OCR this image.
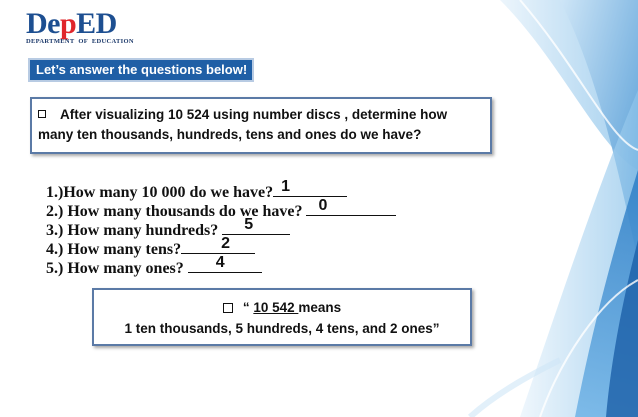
DepED
DEPARTMENT OF EDUCATION
Let’s answer the questions below!
After visualizing 10 524 using number discs , determine how many ten thousands, hundreds, tens and ones do we have?
1.)How many 10 000 do we have? 1
2.) How many thousands do we have? 0
3.) How many hundreds? 5
4.) How many tens?	2
5.) How many ones? 4
“ 10 542 means
1 ten thousands, 5 hundreds, 4 tens, and 2 ones”
